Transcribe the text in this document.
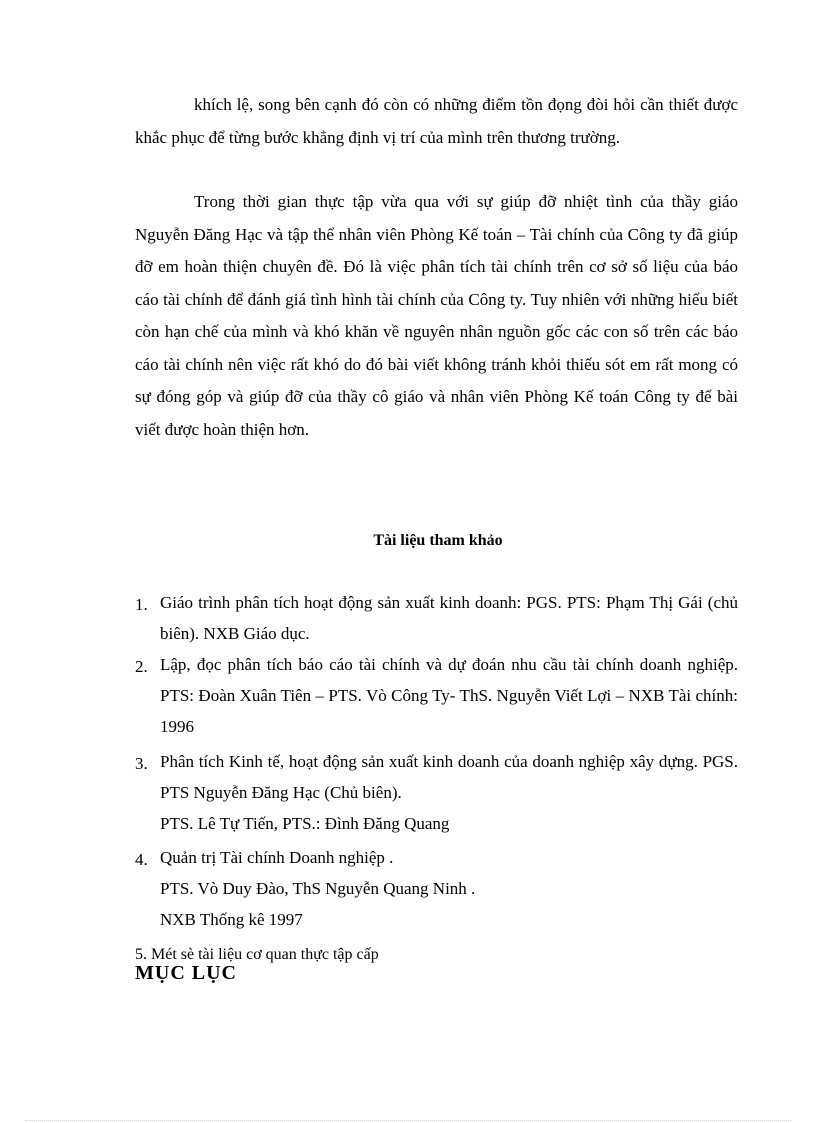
khích lệ, song bên cạnh đó còn có những điểm tồn đọng đòi hỏi cần thiết được khắc phục để từng bước khẳng định vị trí của mình trên thương trường.

Trong thời gian thực tập vừa qua với sự giúp đỡ nhiệt tình của thầy giáo Nguyễn Đăng Hạc và tập thể nhân viên Phòng Kế toán – Tài chính của Công ty đã giúp đỡ em hoàn thiện chuyên đề. Đó là việc phân tích tài chính trên cơ sở số liệu của báo cáo tài chính để đánh giá tình hình tài chính của Công ty. Tuy nhiên với những hiểu biết còn hạn chế của mình và khó khăn về nguyên nhân nguồn gốc các con số trên các báo cáo tài chính nên việc rất khó do đó bài viết không tránh khỏi thiếu sót em rất mong có sự đóng góp và giúp đỡ của thầy cô giáo và nhân viên Phòng Kế toán Công ty để bài viết được hoàn thiện hơn.

Tài liệu tham khảo
1. Giáo trình phân tích hoạt động sản xuất kinh doanh: PGS. PTS: Phạm Thị Gái (chủ biên). NXB Giáo dục.
2. Lập, đọc phân tích báo cáo tài chính và dự đoán nhu cầu tài chính doanh nghiệp. PTS: Đoàn Xuân Tiên – PTS. Vò Công Ty- ThS. Nguyễn Viết Lợi – NXB Tài chính: 1996
3. Phân tích Kinh tế, hoạt động sản xuất kinh doanh của doanh nghiệp xây dựng. PGS. PTS Nguyễn Đăng Hạc (Chủ biên).
PTS. Lê Tự Tiến, PTS.: Đình Đăng Quang
4. Quản trị Tài chính Doanh nghiệp .
PTS. Vò Duy Đào, ThS Nguyễn Quang Ninh .
NXB Thống kê 1997
5. Mét sè tài liệu cơ quan thực tập cấp
MỤC LỤC
